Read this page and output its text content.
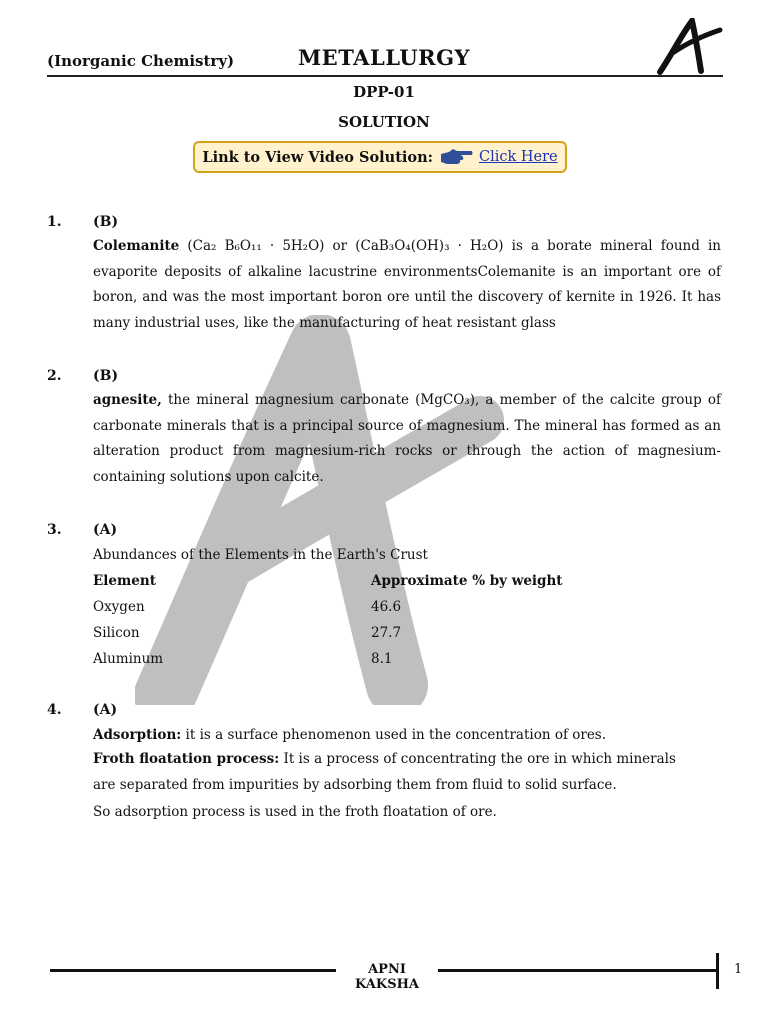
(Inorganic Chemistry)	METALLURGY
DPP-01
SOLUTION
Link to View Video Solution:	Click Here
1. (B)
Colemanite (Ca₂ B₆O₁₁ · 5H₂O) or (CaB₃O₄(OH)₃ · H₂O) is a borate mineral found in evaporite deposits of alkaline lacustrine environmentsColemanite is an important ore of boron, and was the most important boron ore until the discovery of kernite in 1926. It has many industrial uses, like the manufacturing of heat resistant glass
2. (B)
agnesite, the mineral magnesium carbonate (MgCO₃), a member of the calcite group of carbonate minerals that is a principal source of magnesium. The mineral has formed as an alteration product from magnesium-rich rocks or through the action of magnesium-containing solutions upon calcite.
3. (A)
Abundances of the Elements in the Earth's Crust
Element	Approximate % by weight
Oxygen	46.6
Silicon	27.7
Aluminum	8.1
4. (A)
Adsorption: it is a surface phenomenon used in the concentration of ores.
Froth floatation process: It is a process of concentrating the ore in which minerals are separated from impurities by adsorbing them from fluid to solid surface.
So adsorption process is used in the froth floatation of ore.
APNI KAKSHA
1
